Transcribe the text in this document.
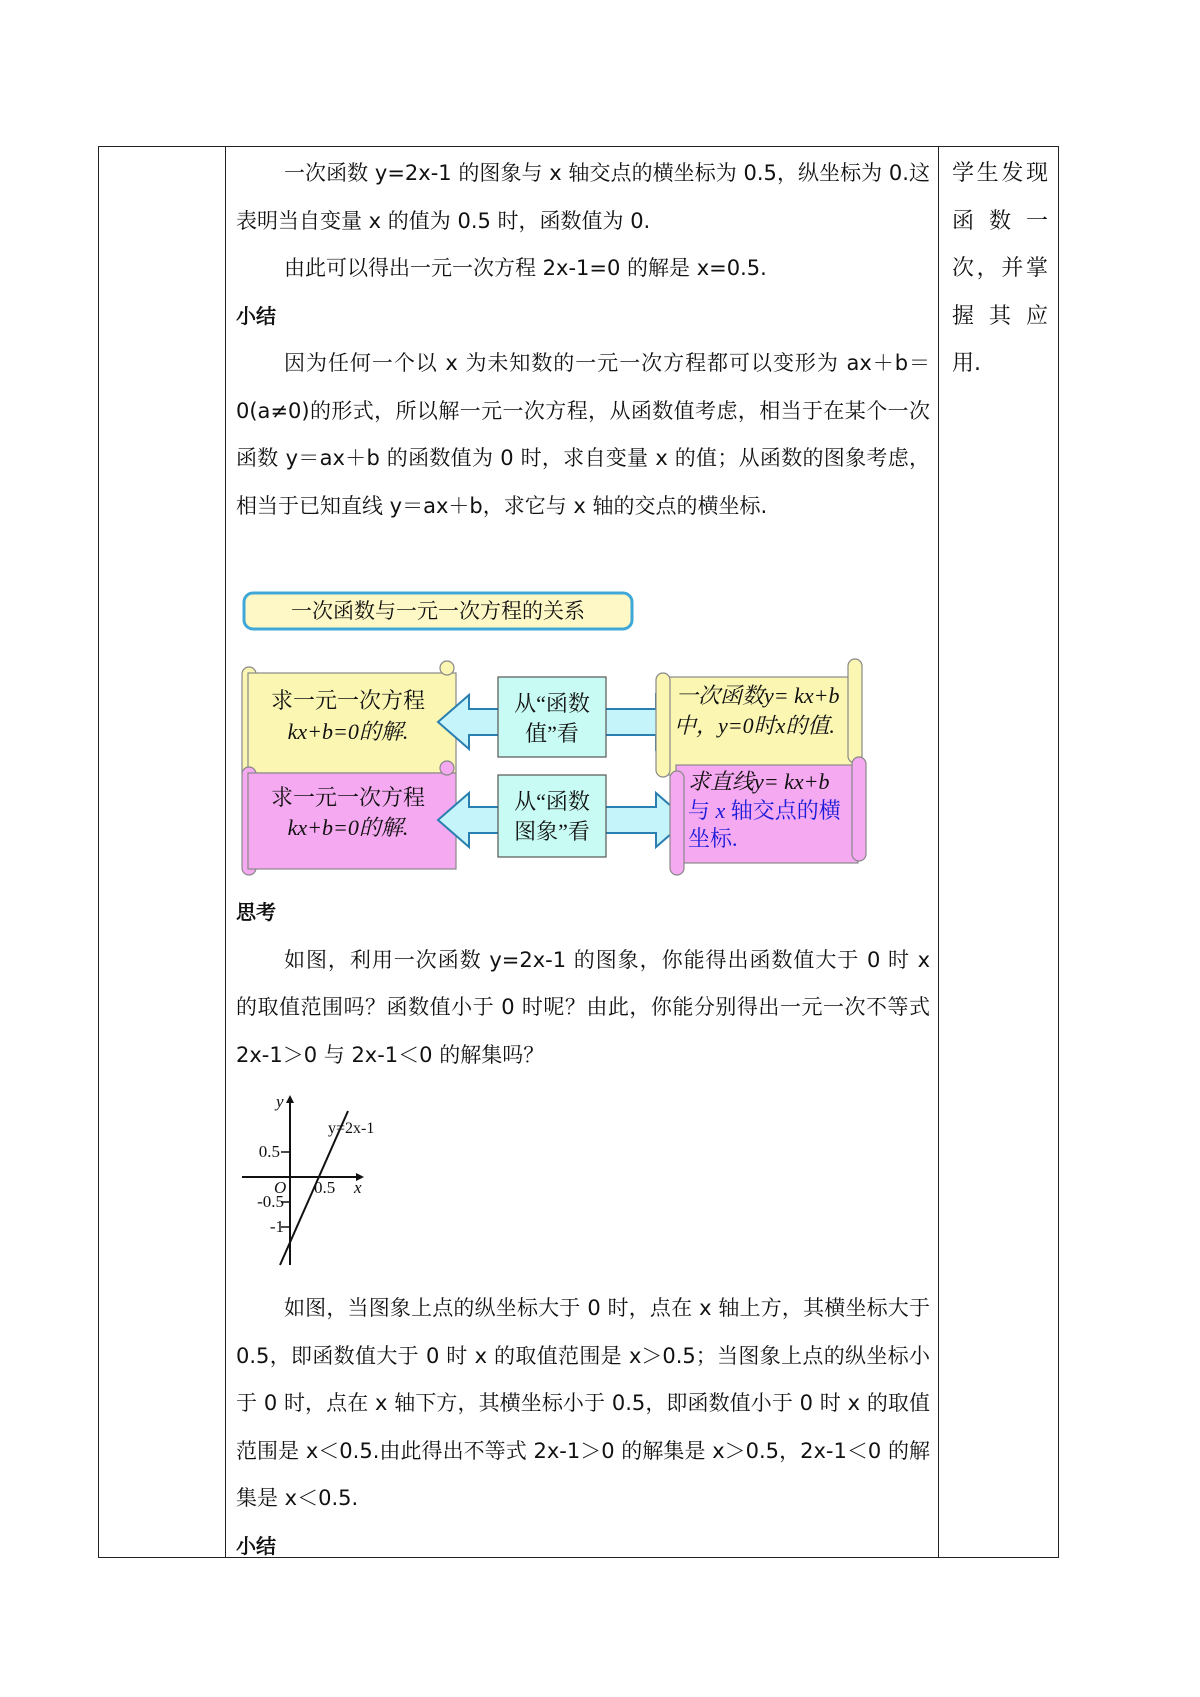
一次函数 y=2x-1 的图象与 x 轴交点的横坐标为 0.5，纵坐标为 0.这表明当自变量 x 的值为 0.5 时，函数值为 0.

由此可以得出一元一次方程 2x-1=0 的解是 x=0.5.

小结

因为任何一个以 x 为未知数的一元一次方程都可以变形为 ax＋b＝0(a≠0)的形式，所以解一元一次方程，从函数值考虑，相当于在某个一次函数 y＝ax＋b 的函数值为 0 时，求自变量 x 的值；从函数的图象考虑，相当于已知直线 y＝ax＋b，求它与 x 轴的交点的横坐标.

一次函数与一元一次方程的关系
求一元一次方程
kx+b=0的解.
从“函数
值”看
一次函数y= kx+b
中，y=0时x的值.
求一元一次方程
kx+b=0的解.
从“函数
图象”看
求直线y= kx+b
与 x 轴交点的横
坐标.

思考

如图，利用一次函数 y=2x-1 的图象，你能得出函数值大于 0 时 x 的取值范围吗？函数值小于 0 时呢？由此，你能分别得出一元一次不等式 2x-1＞0 与 2x-1＜0 的解集吗？

y
x
O
y=2x-1
0.5
0.5
-0.5
-1

如图，当图象上点的纵坐标大于 0 时，点在 x 轴上方，其横坐标大于 0.5，即函数值大于 0 时 x 的取值范围是 x＞0.5；当图象上点的纵坐标小于 0 时，点在 x 轴下方，其横坐标小于 0.5，即函数值小于 0 时 x 的取值范围是 x＜0.5.由此得出不等式 2x-1＞0 的解集是 x＞0.5，2x-1＜0 的解集是 x＜0.5.

小结

学生发现
函 数 一
次，并掌
握 其 应
用.
